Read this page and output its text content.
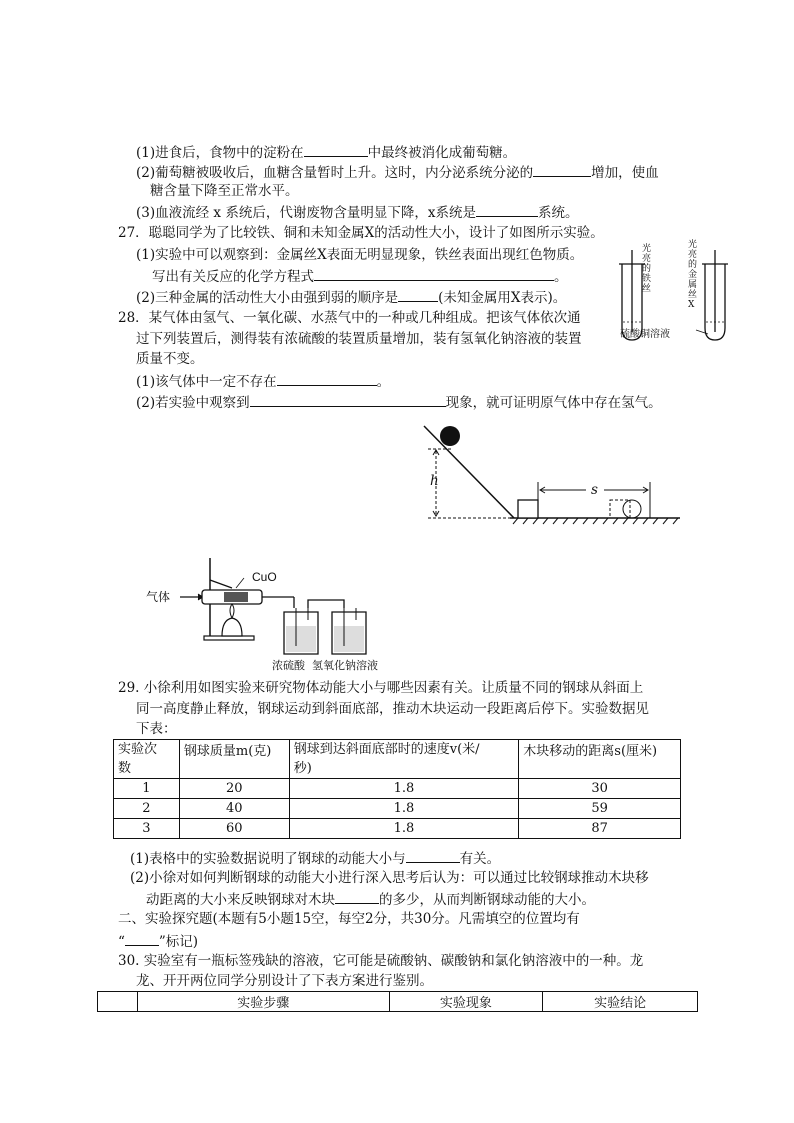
(1)进食后，食物中的淀粉在	中最终被消化成葡萄糖。
(2)葡萄糖被吸收后，血糖含量暂时上升。这时，内分泌系统分泌的	增加，使血
糖含量下降至正常水平。
(3)血液流经 x 系统后，代谢废物含量明显下降，x系统是	系统。
27．聪聪同学为了比较铁、铜和未知金属X的活动性大小，设计了如图所示实验。
(1)实验中可以观察到：金属丝X表面无明显现象，铁丝表面出现红色物质。
写出有关反应的化学方程式	。
(2)三种金属的活动性大小由强到弱的顺序是	(未知金属用X表示)。
光亮的铁丝
光亮的金属丝X
硫酸铜溶液
28．某气体由氢气、一氧化碳、水蒸气中的一种或几种组成。把该气体依次通
过下列装置后，测得装有浓硫酸的装置质量增加，装有氢氧化钠溶液的装置
质量不变。
(1)该气体中一定不存在	。
(2)若实验中观察到	现象，就可证明原气体中存在氢气。
h
s
气体
CuO
浓硫酸  氢氧化钠溶液
29. 小徐利用如图实验来研究物体动能大小与哪些因素有关。让质量不同的钢球从斜面上
同一高度静止释放，钢球运动到斜面底部，推动木块运动一段距离后停下。实验数据见
下表：
实验次
数	钢球质量m(克)	钢球到达斜面底部时的速度v(米/
秒)	木块移动的距离s(厘米)
1	20	1.8	30
2	40	1.8	59
3	60	1.8	87
(1)表格中的实验数据说明了钢球的动能大小与	有关。
(2)小徐对如何判断钢球的动能大小进行深入思考后认为：可以通过比较钢球推动木块移
动距离的大小来反映钢球对木块	的多少，从而判断钢球动能的大小。
二、实验探究题(本题有5小题15空，每空2分，共30分。凡需填空的位置均有
“	”标记)
30. 实验室有一瓶标签残缺的溶液，它可能是硫酸钠、碳酸钠和氯化钠溶液中的一种。龙
龙、开开两位同学分别设计了下表方案进行鉴别。
	实验步骤	实验现象	实验结论
